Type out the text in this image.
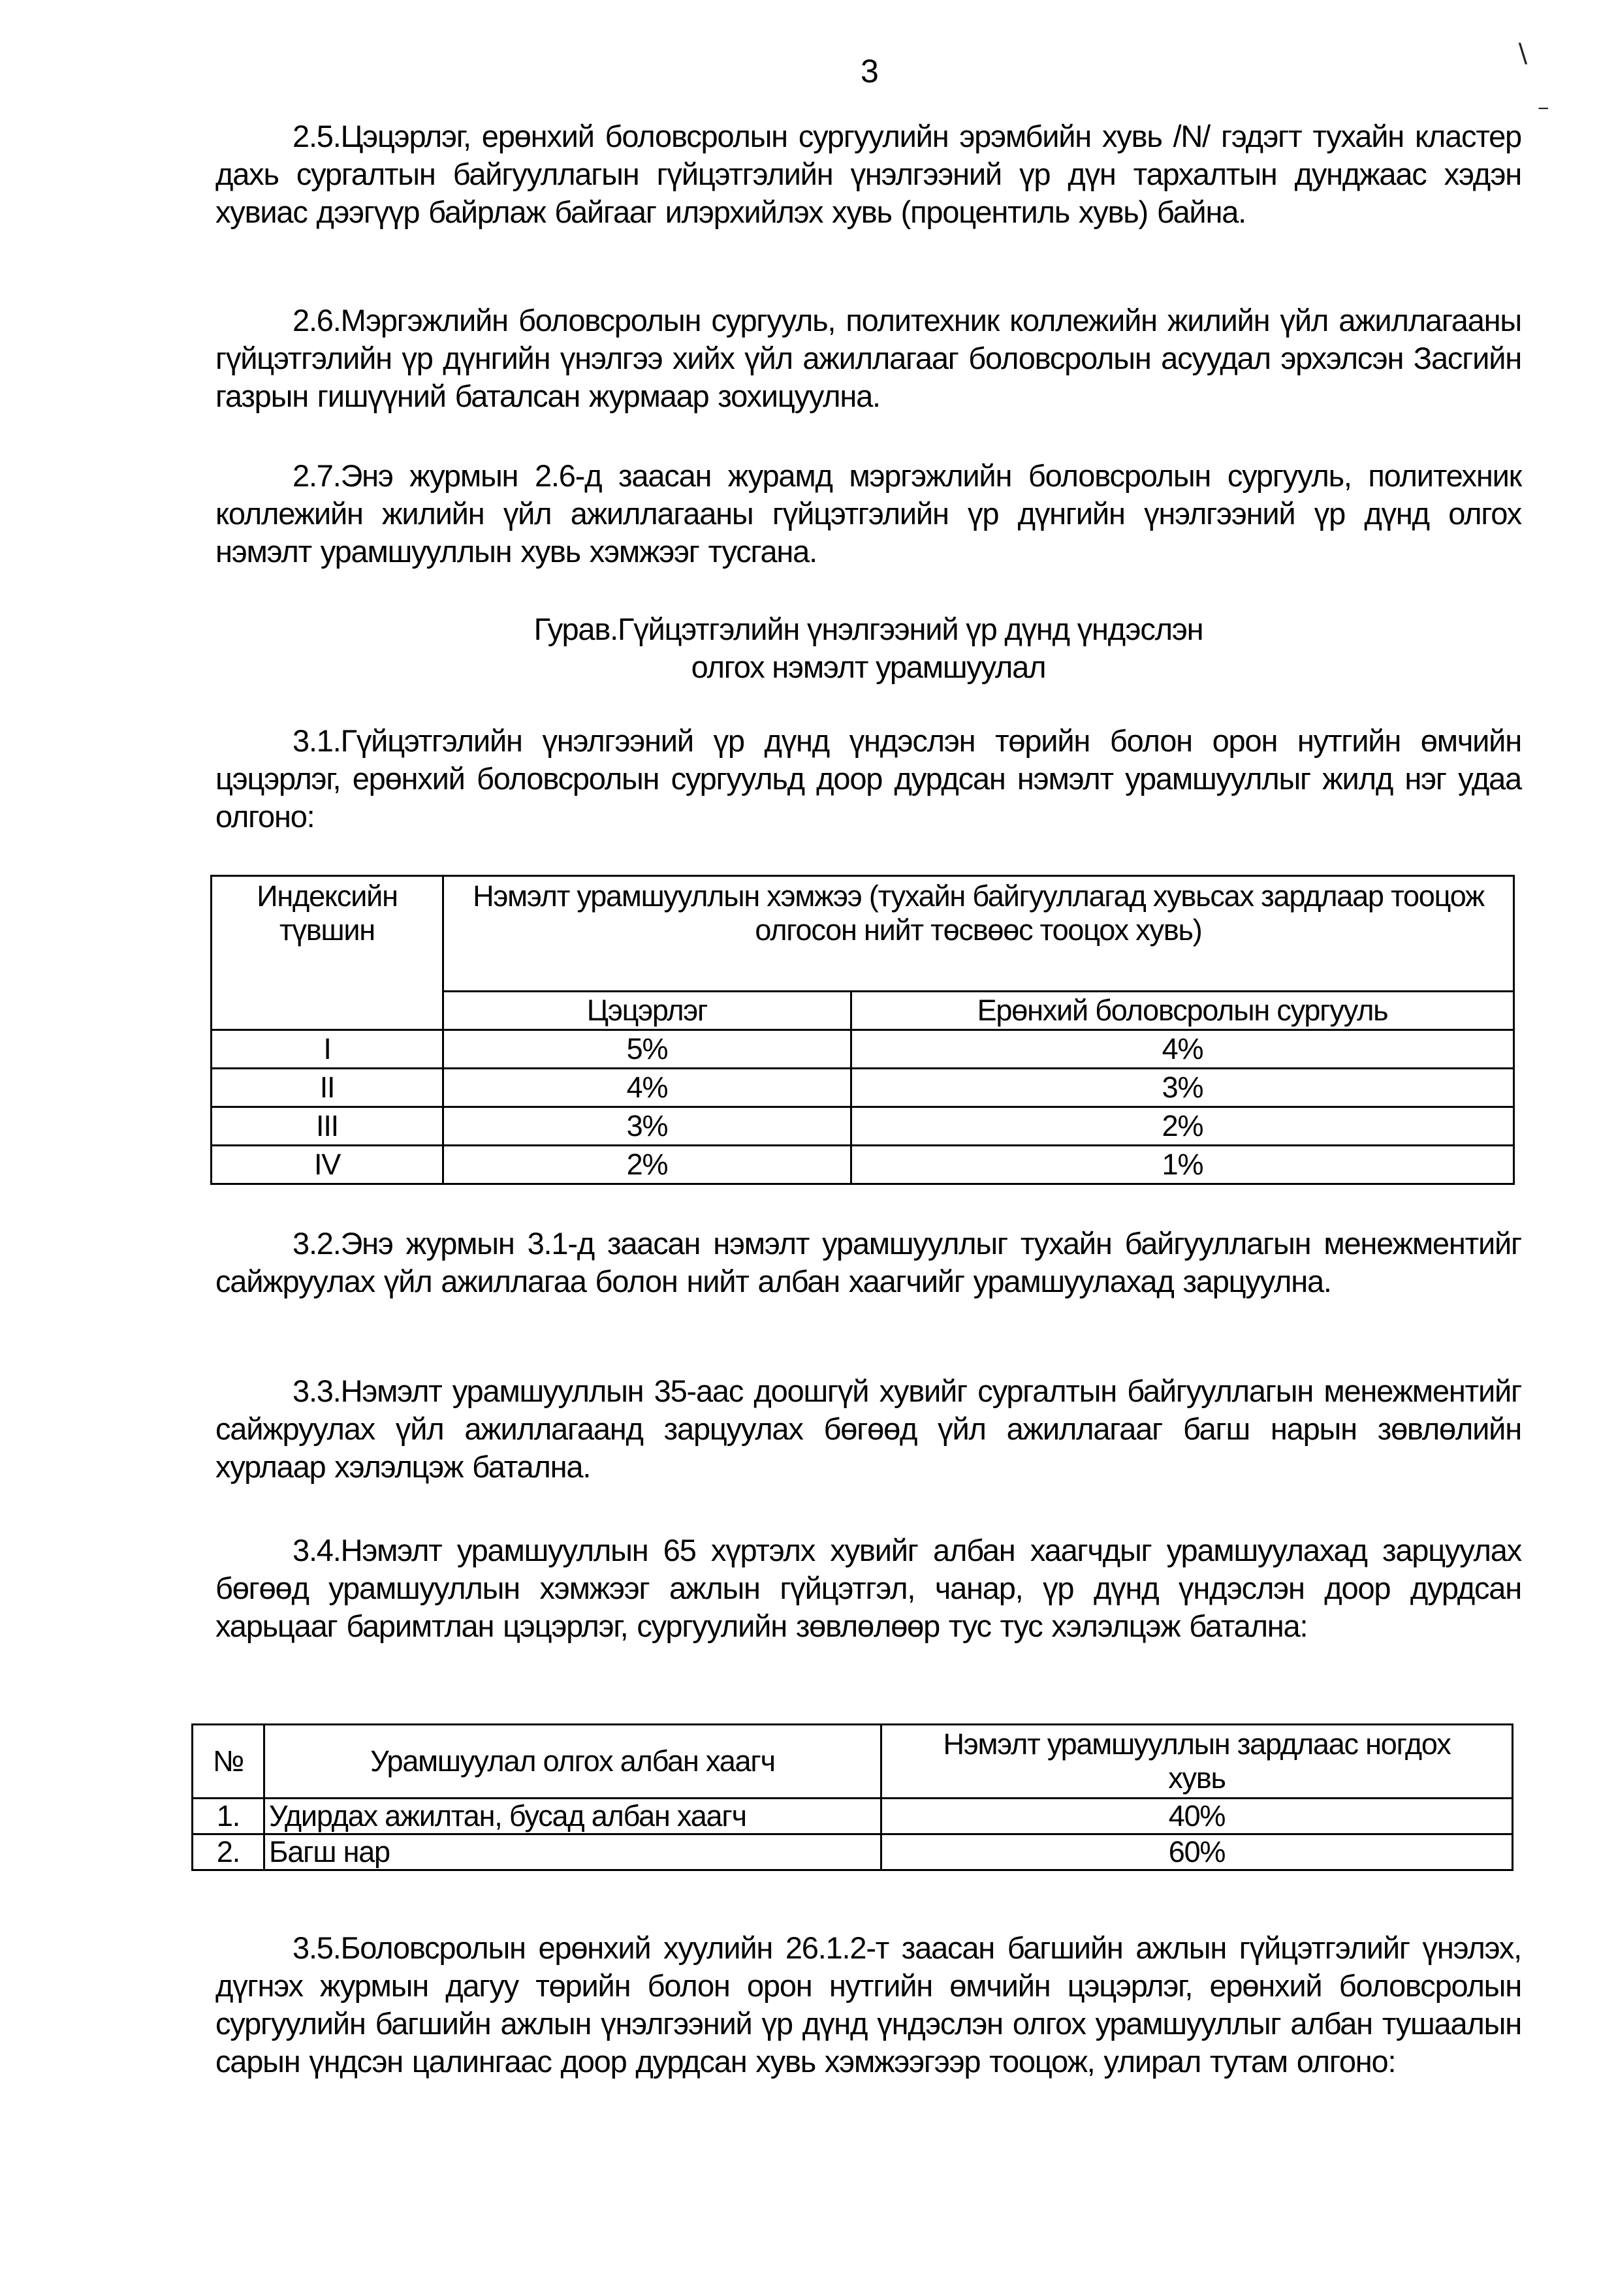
3	∖
−
2.5.Цэцэрлэг, ерөнхий боловсролын сургуулийн эрэмбийн хувь /N/ гэдэгт тухайн кластер дахь сургалтын байгууллагын гүйцэтгэлийн үнэлгээний үр дүн тархалтын дунджаас хэдэн хувиас дээгүүр байрлаж байгааг илэрхийлэх хувь (процентиль хувь) байна.
2.6.Мэргэжлийн боловсролын сургууль, политехник коллежийн жилийн үйл ажиллагааны гүйцэтгэлийн үр дүнгийн үнэлгээ хийх үйл ажиллагааг боловсролын асуудал эрхэлсэн Засгийн газрын гишүүний баталсан журмаар зохицуулна.
2.7.Энэ журмын 2.6-д заасан журамд мэргэжлийн боловсролын сургууль, политехник коллежийн жилийн үйл ажиллагааны гүйцэтгэлийн үр дүнгийн үнэлгээний үр дүнд олгох нэмэлт урамшууллын хувь хэмжээг тусгана.
Гурав.Гүйцэтгэлийн үнэлгээний үр дүнд үндэслэн
олгох нэмэлт урамшуулал
3.1.Гүйцэтгэлийн үнэлгээний үр дүнд үндэслэн төрийн болон орон нутгийн өмчийн цэцэрлэг, ерөнхий боловсролын сургуульд доор дурдсан нэмэлт урамшууллыг жилд нэг удаа олгоно:
Индексийн түвшин	Нэмэлт урамшууллын хэмжээ (тухайн байгууллагад хувьсах зардлаар тооцож олгосон нийт төсвөөс тооцох хувь)	
	Цэцэрлэг	Ерөнхий боловсролын сургууль
I	5%	4%
II	4%	3%
III	3%	2%
IV	2%	1%
3.2.Энэ журмын 3.1-д заасан нэмэлт урамшууллыг тухайн байгууллагын менежментийг сайжруулах үйл ажиллагаа болон нийт албан хаагчийг урамшуулахад зарцуулна.
3.3.Нэмэлт урамшууллын 35-аас доошгүй хувийг сургалтын байгууллагын менежментийг сайжруулах үйл ажиллагаанд зарцуулах бөгөөд үйл ажиллагааг багш нарын зөвлөлийн хурлаар хэлэлцэж батална.
3.4.Нэмэлт урамшууллын 65 хүртэлх хувийг албан хаагчдыг урамшуулахад зарцуулах бөгөөд урамшууллын хэмжээг ажлын гүйцэтгэл, чанар, үр дүнд үндэслэн доор дурдсан харьцааг баримтлан цэцэрлэг, сургуулийн зөвлөлөөр тус тус хэлэлцэж батална:
№	Урамшуулал олгох албан хаагч	Нэмэлт урамшууллын зардлаас ногдох хувь
1.	Удирдах ажилтан, бусад албан хаагч	40%
2.	Багш нар	60%
3.5.Боловсролын ерөнхий хуулийн 26.1.2-т заасан багшийн ажлын гүйцэтгэлийг үнэлэх, дүгнэх журмын дагуу төрийн болон орон нутгийн өмчийн цэцэрлэг, ерөнхий боловсролын сургуулийн багшийн ажлын үнэлгээний үр дүнд үндэслэн олгох урамшууллыг албан тушаалын сарын үндсэн цалингаас доор дурдсан хувь хэмжээгээр тооцож, улирал тутам олгоно:
